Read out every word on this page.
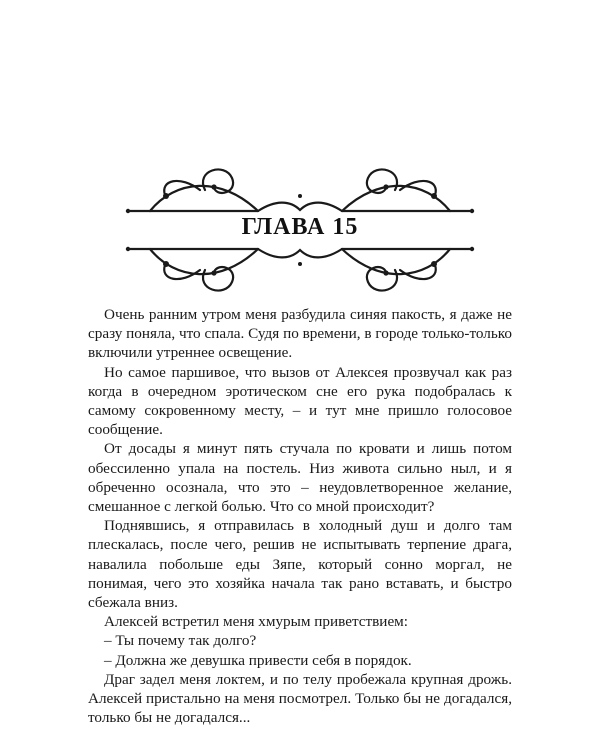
ГЛАВА 15

Очень ранним утром меня разбудила синяя пакость, я даже не сразу поняла, что спала. Судя по времени, в городе только-только включили утреннее освещение.

Но самое паршивое, что вызов от Алексея прозвучал как раз когда в очередном эротическом сне его рука подобралась к самому сокровенному месту, – и тут мне пришло голосовое сообщение.

От досады я минут пять стучала по кровати и лишь потом обессиленно упала на постель. Низ живота сильно ныл, и я обреченно осознала, что это – неудовлетворенное желание, смешанное с легкой болью. Что со мной происходит?

Поднявшись, я отправилась в холодный душ и долго там плескалась, после чего, решив не испытывать терпение драга, навалила побольше еды Зяпе, который сонно моргал, не понимая, чего это хозяйка начала так рано вставать, и быстро сбежала вниз.

Алексей встретил меня хмурым приветствием:

– Ты почему так долго?

– Должна же девушка привести себя в порядок.

Драг задел меня локтем, и по телу пробежала крупная дрожь. Алексей пристально на меня посмотрел. Только бы не догадался, только бы не догадался...
